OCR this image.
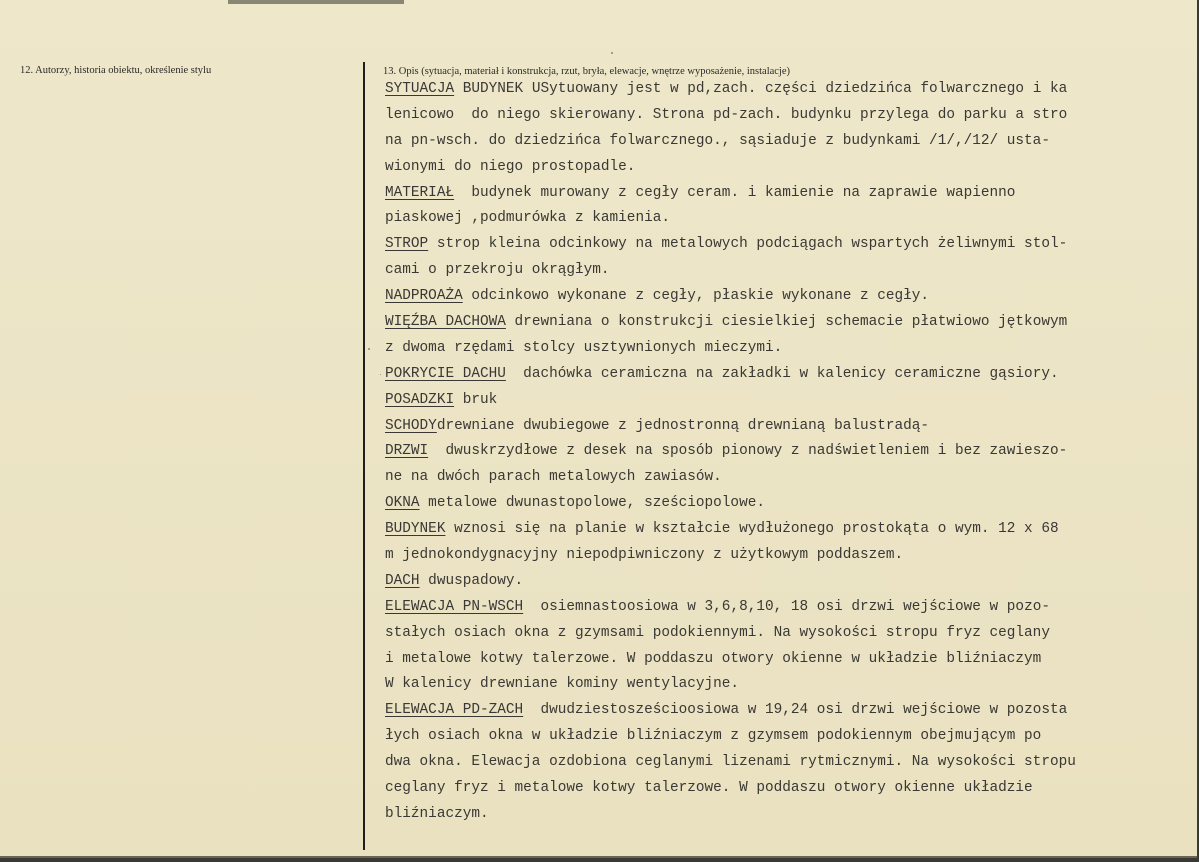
12. Autorzy, historia obiektu, określenie stylu	13. Opis (sytuacja, materiał i konstrukcja, rzut, bryła, elewacje, wnętrze wyposażenie, instalacje)
SYTUACJA BUDYNEK USytuowany jest w pd,zach. części dziedzińca folwarcznego i ka
lenicowo  do niego skierowany. Strona pd-zach. budynku przylega do parku a stro
na pn-wsch. do dziedzińca folwarcznego., sąsiaduje z budynkami /1/,/12/ usta-
wionymi do niego prostopadle.
MATERIAŁ  budynek murowany z cegły ceram. i kamienie na zaprawie wapienno
piaskowej ,podmurówka z kamienia.
STROP strop kleina odcinkowy na metalowych podciągach wspartych żeliwnymi stol-
cami o przekroju okrągłym.
NADPROAŻA odcinkowo wykonane z cegły, płaskie wykonane z cegły.
WIĘŹBA DACHOWA drewniana o konstrukcji ciesielkiej schemacie płatwiowo jętkowym
z dwoma rzędami stolcy usztywnionych mieczymi.
POKRYCIE DACHU  dachówka ceramiczna na zakładki w kalenicy ceramiczne gąsiory.
POSADZKI bruk
SCHODYdrewniane dwubiegowe z jednostronną drewnianą balustradą-
DRZWI  dwuskrzydłowe z desek na sposób pionowy z nadświetleniem i bez zawieszo-
ne na dwóch parach metalowych zawiasów.
OKNA metalowe dwunastopolowe, sześciopolowe.
BUDYNEK wznosi się na planie w kształcie wydłużonego prostokąta o wym. 12 x 68
m jednokondygnacyjny niepodpiwniczony z użytkowym poddaszem.
DACH dwuspadowy.
ELEWACJA PN-WSCH  osiemnastoosiowa w 3,6,8,10, 18 osi drzwi wejściowe w pozo-
stałych osiach okna z gzymsami podokiennymi. Na wysokości stropu fryz ceglany
i metalowe kotwy talerzowe. W poddaszu otwory okienne w układzie bliźniaczym
W kalenicy drewniane kominy wentylacyjne.
ELEWACJA PD-ZACH  dwudziestosześcioosiowa w 19,24 osi drzwi wejściowe w pozosta
łych osiach okna w układzie bliźniaczym z gzymsem podokiennym obejmującym po
dwa okna. Elewacja ozdobiona ceglanymi lizenami rytmicznymi. Na wysokości stropu
ceglany fryz i metalowe kotwy talerzowe. W poddaszu otwory okienne układzie
bliźniaczym.
